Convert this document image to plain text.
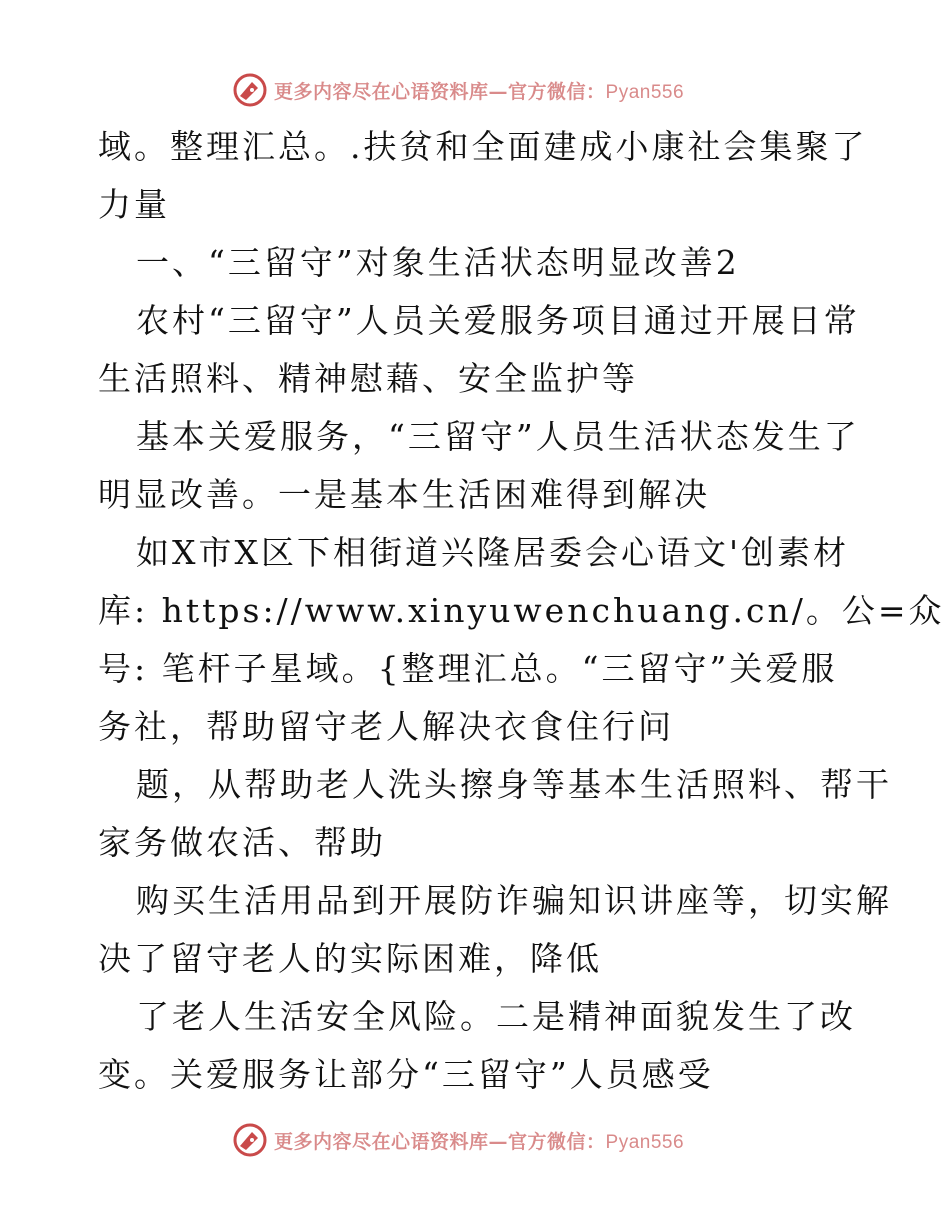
更多内容尽在心语资料库—官方微信：Pyan556
域。整理汇总。.扶贫和全面建成小康社会集聚了
力量
一、“三留守”对象生活状态明显改善2
农村“三留守”人员关爱服务项目通过开展日常
生活照料、精神慰藉、安全监护等
基本关爱服务，“三留守”人员生活状态发生了
明显改善。一是基本生活困难得到解决
如X市X区下相街道兴隆居委会心语文'创素材
库: https://www.xinyuwenchuang.cn/。公=众
号: 笔杆子星域。{整理汇总。“三留守”关爱服
务社，帮助留守老人解决衣食住行问
题，从帮助老人洗头擦身等基本生活照料、帮干
家务做农活、帮助
购买生活用品到开展防诈骗知识讲座等，切实解
决了留守老人的实际困难，降低
了老人生活安全风险。二是精神面貌发生了改
变。关爱服务让部分“三留守”人员感受
更多内容尽在心语资料库—官方微信：Pyan556
